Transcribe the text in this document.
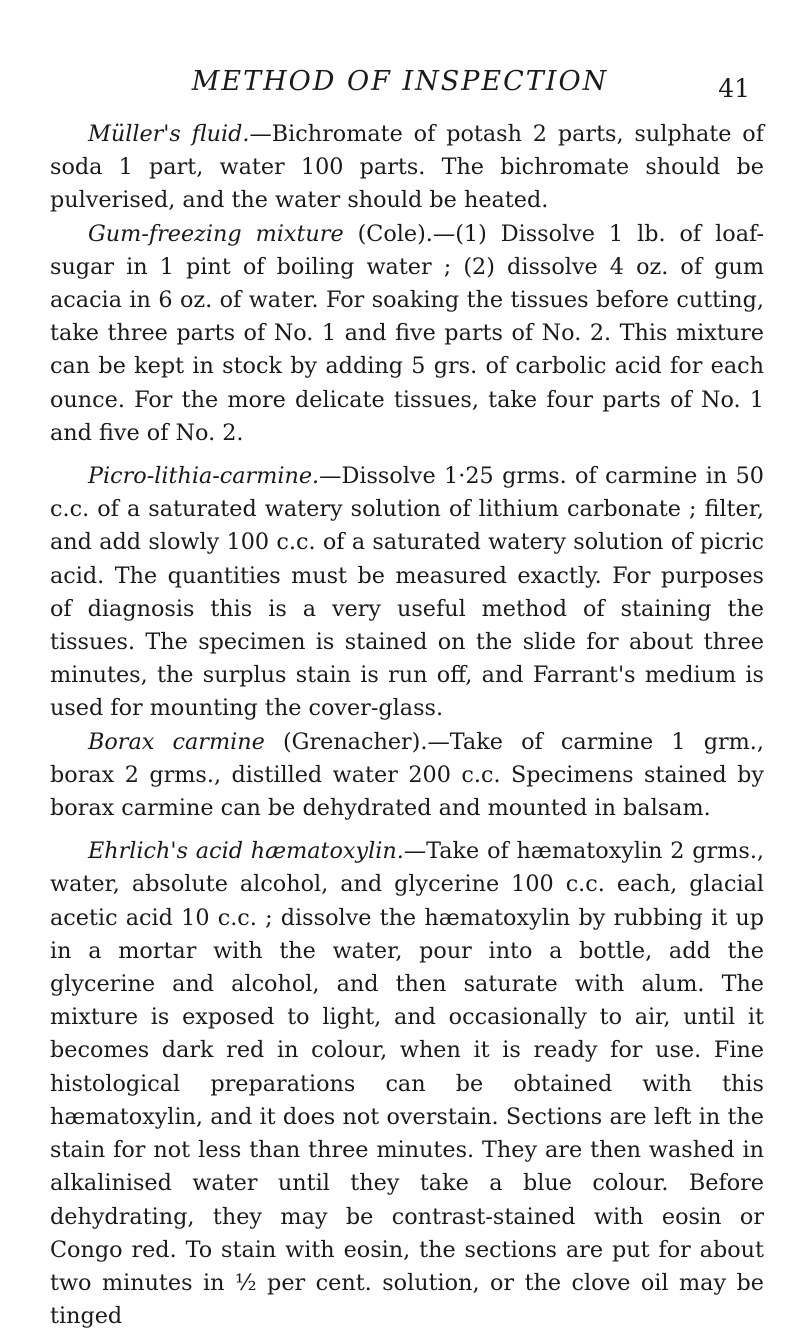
METHOD OF INSPECTION	41

Müller's fluid.—Bichromate of potash 2 parts, sulphate of soda 1 part, water 100 parts. The bichromate should be pulverised, and the water should be heated.

Gum-freezing mixture (Cole).—(1) Dissolve 1 lb. of loaf-sugar in 1 pint of boiling water ; (2) dissolve 4 oz. of gum acacia in 6 oz. of water. For soaking the tissues before cutting, take three parts of No. 1 and five parts of No. 2. This mixture can be kept in stock by adding 5 grs. of carbolic acid for each ounce. For the more delicate tissues, take four parts of No. 1 and five of No. 2.

Picro-lithia-carmine.—Dissolve 1·25 grms. of carmine in 50 c.c. of a saturated watery solution of lithium carbonate ; filter, and add slowly 100 c.c. of a saturated watery solution of picric acid. The quantities must be measured exactly. For purposes of diagnosis this is a very useful method of staining the tissues. The specimen is stained on the slide for about three minutes, the surplus stain is run off, and Farrant's medium is used for mounting the cover-glass.

Borax carmine (Grenacher).—Take of carmine 1 grm., borax 2 grms., distilled water 200 c.c. Specimens stained by borax carmine can be dehydrated and mounted in balsam.

Ehrlich's acid hæmatoxylin.—Take of hæmatoxylin 2 grms., water, absolute alcohol, and glycerine 100 c.c. each, glacial acetic acid 10 c.c. ; dissolve the hæmatoxylin by rubbing it up in a mortar with the water, pour into a bottle, add the glycerine and alcohol, and then saturate with alum. The mixture is exposed to light, and occasionally to air, until it becomes dark red in colour, when it is ready for use. Fine histological preparations can be obtained with this hæmatoxylin, and it does not overstain. Sections are left in the stain for not less than three minutes. They are then washed in alkalinised water until they take a blue colour. Before dehydrating, they may be contrast-stained with eosin or Congo red. To stain with eosin, the sections are put for about two minutes in ½ per cent. solution, or the clove oil may be tinged
